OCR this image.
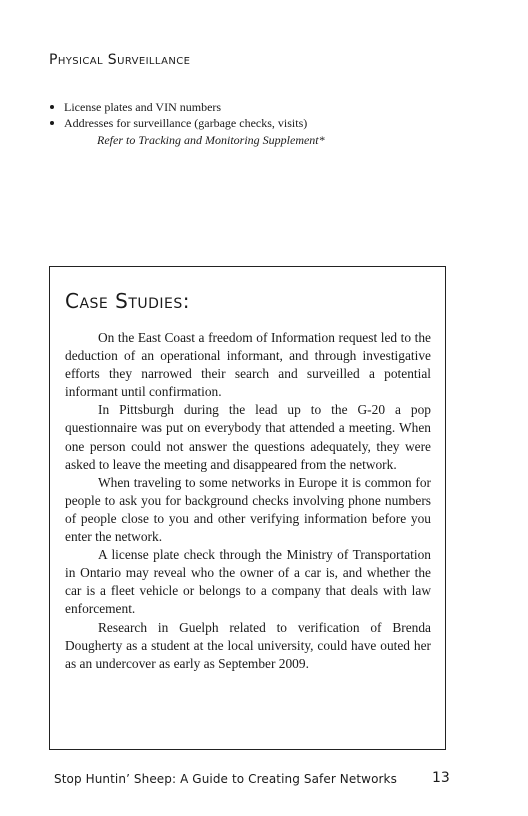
Physical Surveillance
License plates and VIN numbers
Addresses for surveillance (garbage checks, visits)
Refer to Tracking and Monitoring Supplement*
Case Studies:

On the East Coast a freedom of Information request led to the deduction of an operational informant, and through investigative efforts they narrowed their search and surveilled a potential informant until confirmation.

In Pittsburgh during the lead up to the G-20 a pop questionnaire was put on everybody that attended a meeting. When one person could not answer the questions adequately, they were asked to leave the meeting and disappeared from the network.

When traveling to some networks in Europe it is common for people to ask you for background checks involving phone numbers of people close to you and other verifying information before you enter the network.

A license plate check through the Ministry of Transportation in Ontario may reveal who the owner of a car is, and whether the car is a fleet vehicle or belongs to a company that deals with law enforcement.

Research in Guelph related to verification of Brenda Dougherty as a student at the local university, could have outed her as an undercover as early as September 2009.

Stop Huntin’ Sheep: A Guide to Creating Safer Networks	13
